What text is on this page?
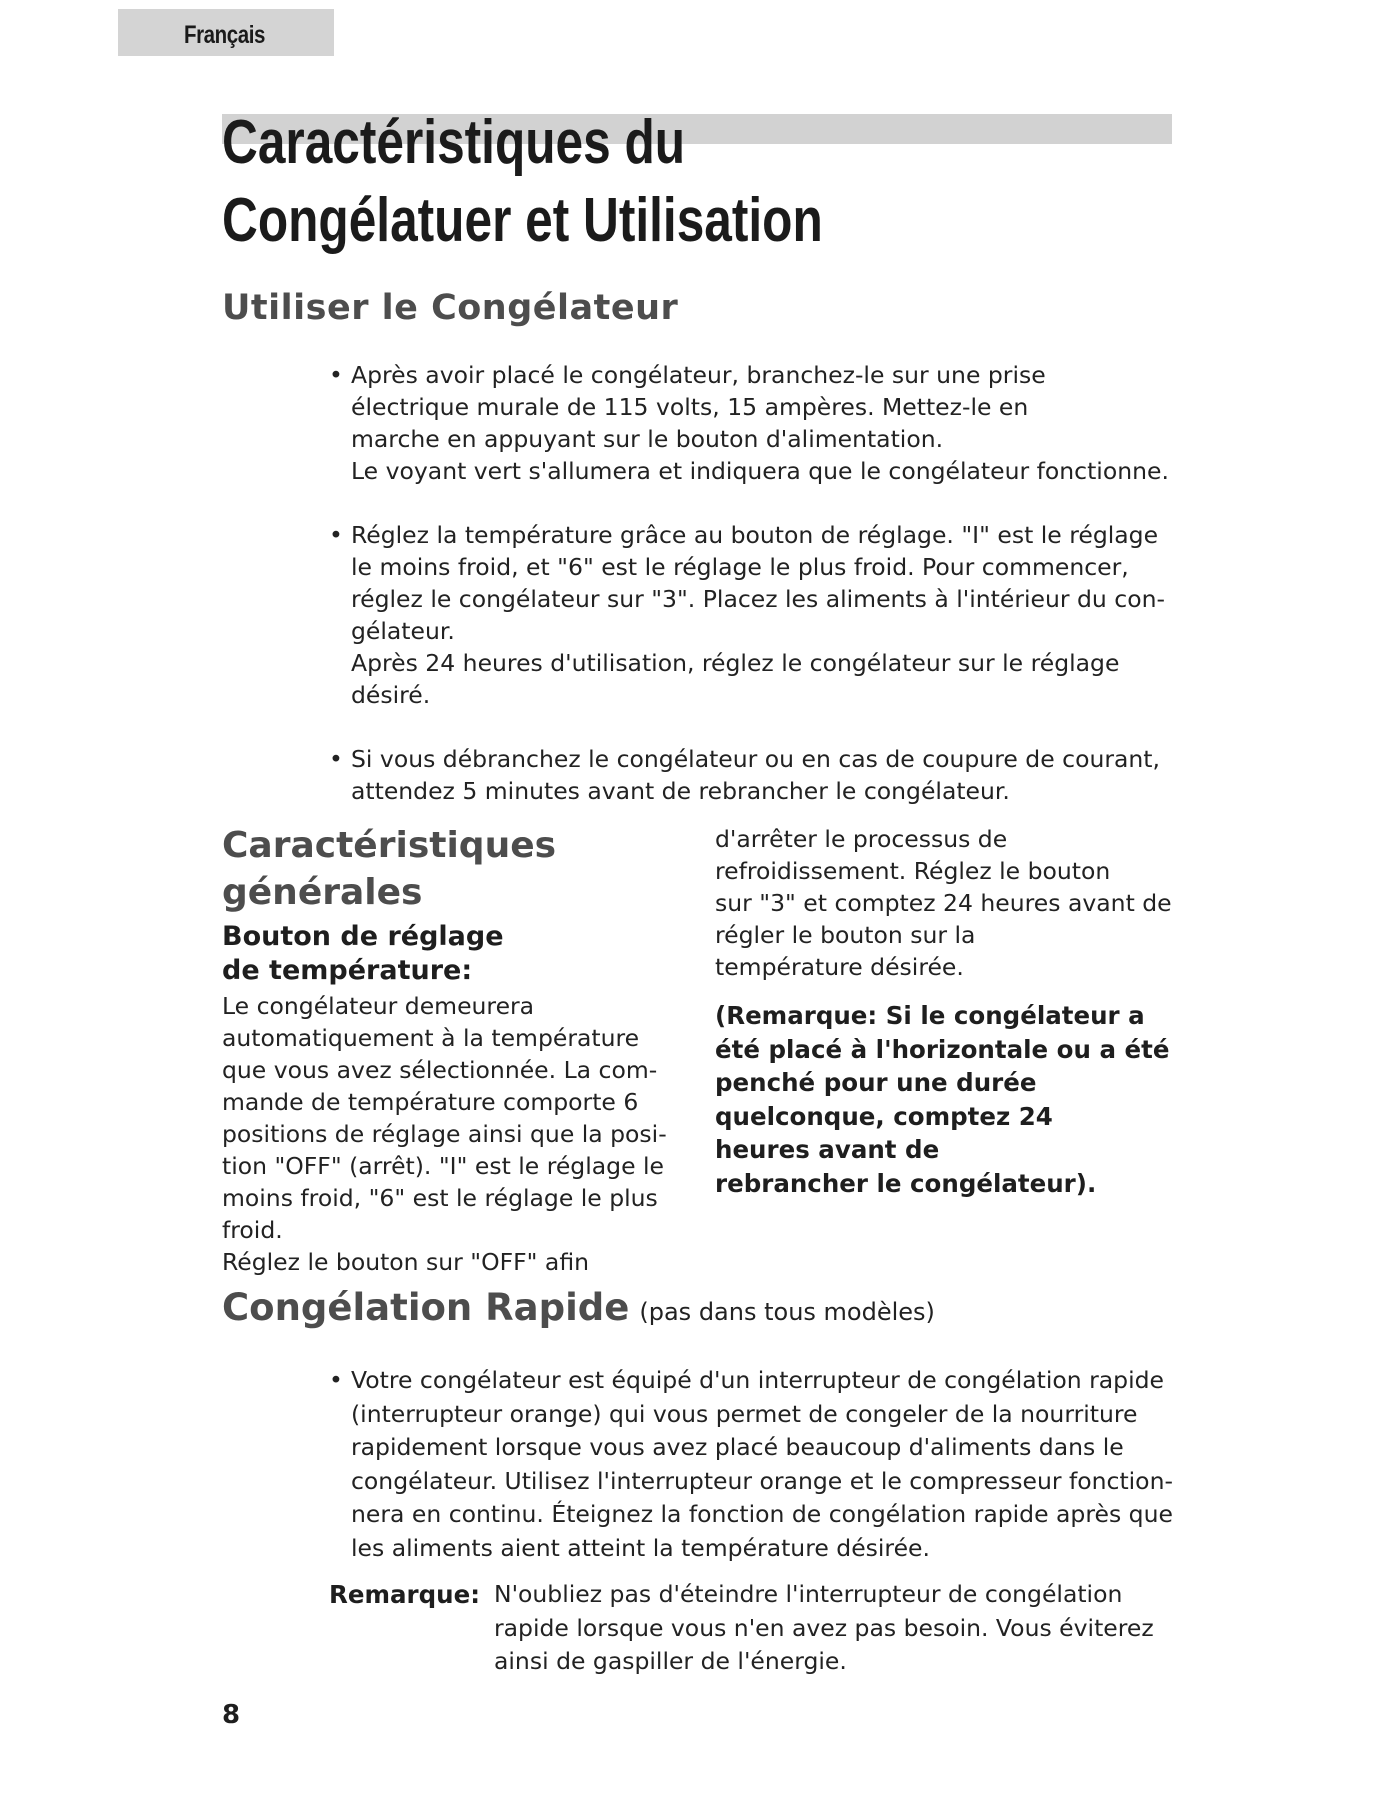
Français
Caractéristiques du
Congélatuer et Utilisation
Utiliser le Congélateur
• Après avoir placé le congélateur, branchez-le sur une prise
électrique murale de 115 volts, 15 ampères. Mettez-le en
marche en appuyant sur le bouton d'alimentation.
Le voyant vert s'allumera et indiquera que le congélateur fonctionne.
• Réglez la température grâce au bouton de réglage. "I" est le réglage
le moins froid, et "6" est le réglage le plus froid. Pour commencer,
réglez le congélateur sur "3". Placez les aliments à l'intérieur du con-
gélateur.
Après 24 heures d'utilisation, réglez le congélateur sur le réglage
désiré.
• Si vous débranchez le congélateur ou en cas de coupure de courant,
attendez 5 minutes avant de rebrancher le congélateur.
Caractéristiques
générales
Bouton de réglage
de température:

Le congélateur demeurera
automatiquement à la température
que vous avez sélectionnée. La com-
mande de température comporte 6
positions de réglage ainsi que la posi-
tion "OFF" (arrêt). "I" est le réglage le
moins froid, "6" est le réglage le plus
froid.
Réglez le bouton sur "OFF" afin

d'arrêter le processus de
refroidissement. Réglez le bouton
sur "3" et comptez 24 heures avant de
régler le bouton sur la
température désirée.

(Remarque: Si le congélateur a
été placé à l'horizontale ou a été
penché pour une durée
quelconque, comptez 24
heures avant de
rebrancher le congélateur).

Congélation Rapide (pas dans tous modèles)
• Votre congélateur est équipé d'un interrupteur de congélation rapide
(interrupteur orange) qui vous permet de congeler de la nourriture
rapidement lorsque vous avez placé beaucoup d'aliments dans le
congélateur. Utilisez l'interrupteur orange et le compresseur fonction-
nera en continu. Éteignez la fonction de congélation rapide après que
les aliments aient atteint la température désirée.
Remarque: N'oubliez pas d'éteindre l'interrupteur de congélation
rapide lorsque vous n'en avez pas besoin. Vous éviterez
ainsi de gaspiller de l'énergie.
8
